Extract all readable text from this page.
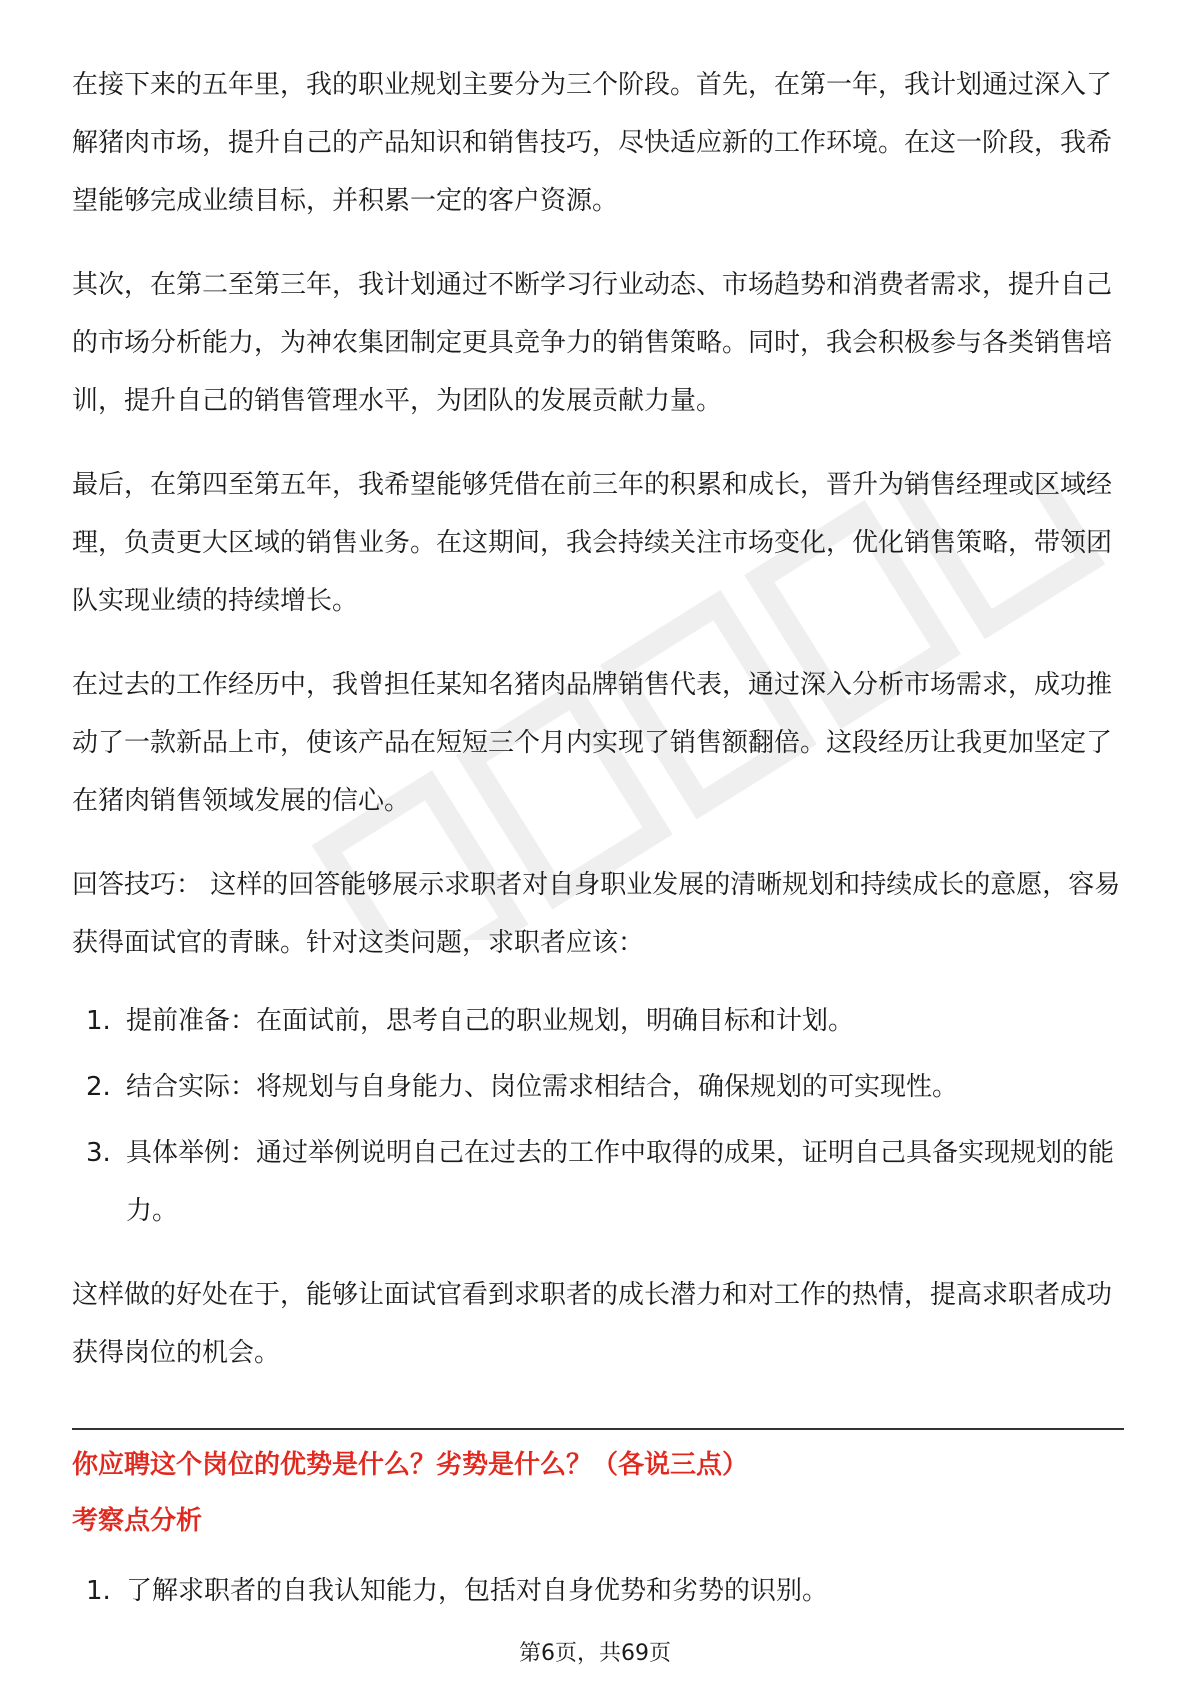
在接下来的五年里，我的职业规划主要分为三个阶段。首先，在第一年，我计划通过深入了解猪肉市场，提升自己的产品知识和销售技巧，尽快适应新的工作环境。在这一阶段，我希望能够完成业绩目标，并积累一定的客户资源。

其次，在第二至第三年，我计划通过不断学习行业动态、市场趋势和消费者需求，提升自己的市场分析能力，为神农集团制定更具竞争力的销售策略。同时，我会积极参与各类销售培训，提升自己的销售管理水平，为团队的发展贡献力量。

最后，在第四至第五年，我希望能够凭借在前三年的积累和成长，晋升为销售经理或区域经理，负责更大区域的销售业务。在这期间，我会持续关注市场变化，优化销售策略，带领团队实现业绩的持续增长。

在过去的工作经历中，我曾担任某知名猪肉品牌销售代表，通过深入分析市场需求，成功推动了一款新品上市，使该产品在短短三个月内实现了销售额翻倍。这段经历让我更加坚定了在猪肉销售领域发展的信心。

回答技巧： 这样的回答能够展示求职者对自身职业发展的清晰规划和持续成长的意愿，容易获得面试官的青睐。针对这类问题，求职者应该：

1. 提前准备：在面试前，思考自己的职业规划，明确目标和计划。
2. 结合实际：将规划与自身能力、岗位需求相结合，确保规划的可实现性。
3. 具体举例：通过举例说明自己在过去的工作中取得的成果，证明自己具备实现规划的能力。

这样做的好处在于，能够让面试官看到求职者的成长潜力和对工作的热情，提高求职者成功获得岗位的机会。

你应聘这个岗位的优势是什么？劣势是什么？（各说三点）

考察点分析

1. 了解求职者的自我认知能力，包括对自身优势和劣势的识别。
第6页，共69页
